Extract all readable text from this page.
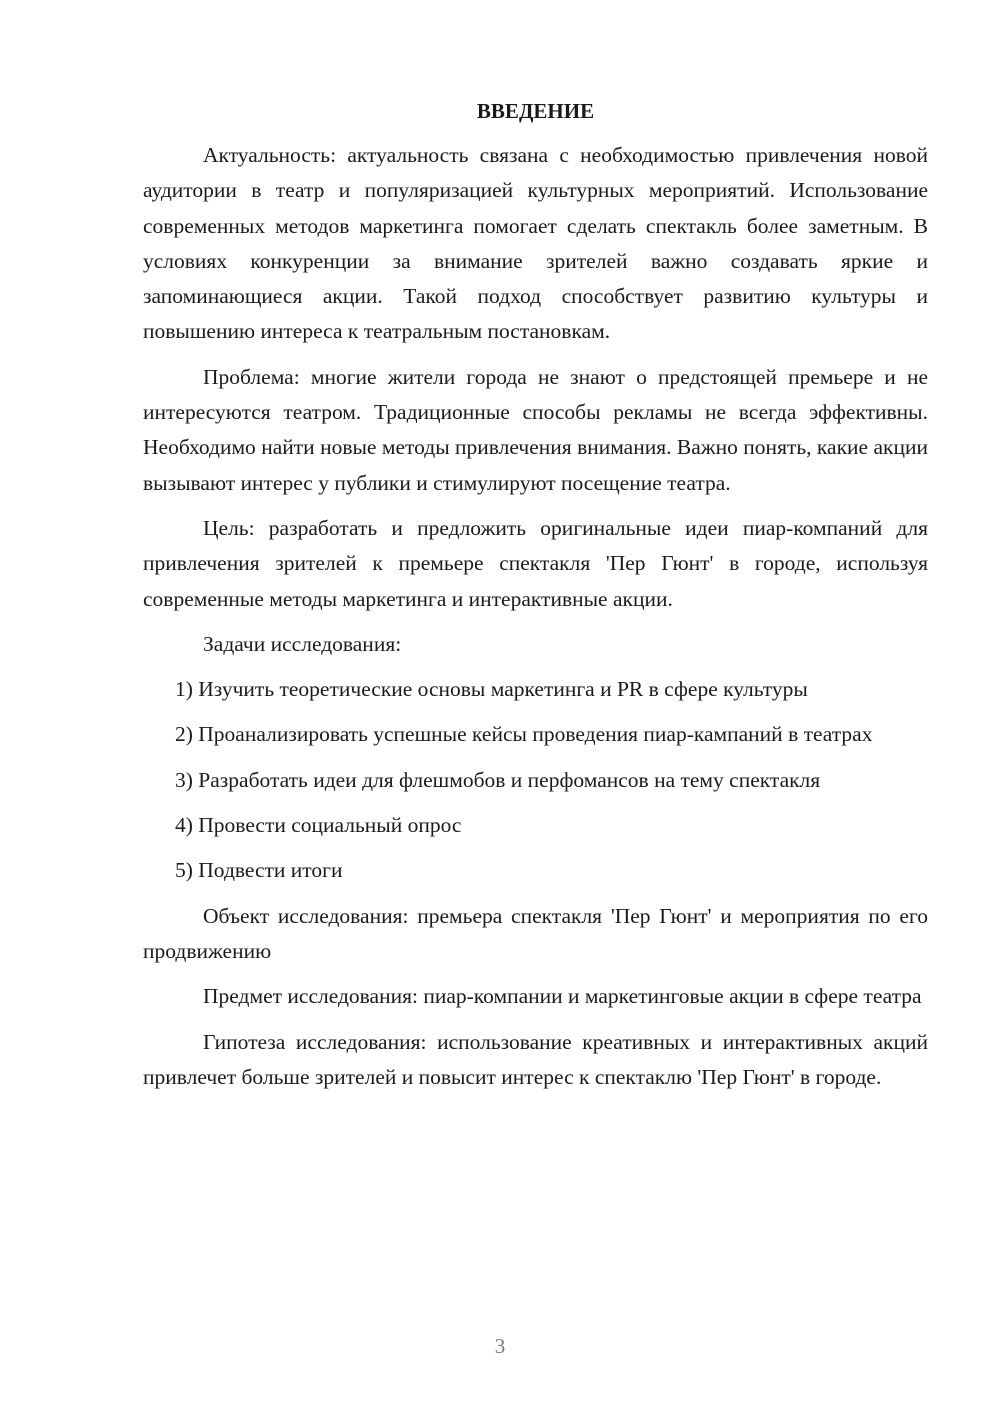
ВВЕДЕНИЕ

Актуальность: актуальность связана с необходимостью привлечения новой аудитории в театр и популяризацией культурных мероприятий. Использование современных методов маркетинга помогает сделать спектакль более заметным. В условиях конкуренции за внимание зрителей важно создавать яркие и запоминающиеся акции. Такой подход способствует развитию культуры и повышению интереса к театральным постановкам.

Проблема: многие жители города не знают о предстоящей премьере и не интересуются театром. Традиционные способы рекламы не всегда эффективны. Необходимо найти новые методы привлечения внимания. Важно понять, какие акции вызывают интерес у публики и стимулируют посещение театра.

Цель: разработать и предложить оригинальные идеи пиар-компаний для привлечения зрителей к премьере спектакля 'Пер Гюнт' в городе, используя современные методы маркетинга и интерактивные акции.

Задачи исследования:

1) Изучить теоретические основы маркетинга и PR в сфере культуры

2) Проанализировать успешные кейсы проведения пиар-кампаний в театрах

3) Разработать идеи для флешмобов и перфомансов на тему спектакля

4) Провести социальный опрос

5) Подвести итоги

Объект исследования: премьера спектакля 'Пер Гюнт' и мероприятия по его продвижению

Предмет исследования: пиар-компании и маркетинговые акции в сфере театра

Гипотеза исследования: использование креативных и интерактивных акций привлечет больше зрителей и повысит интерес к спектаклю 'Пер Гюнт' в городе.

3
